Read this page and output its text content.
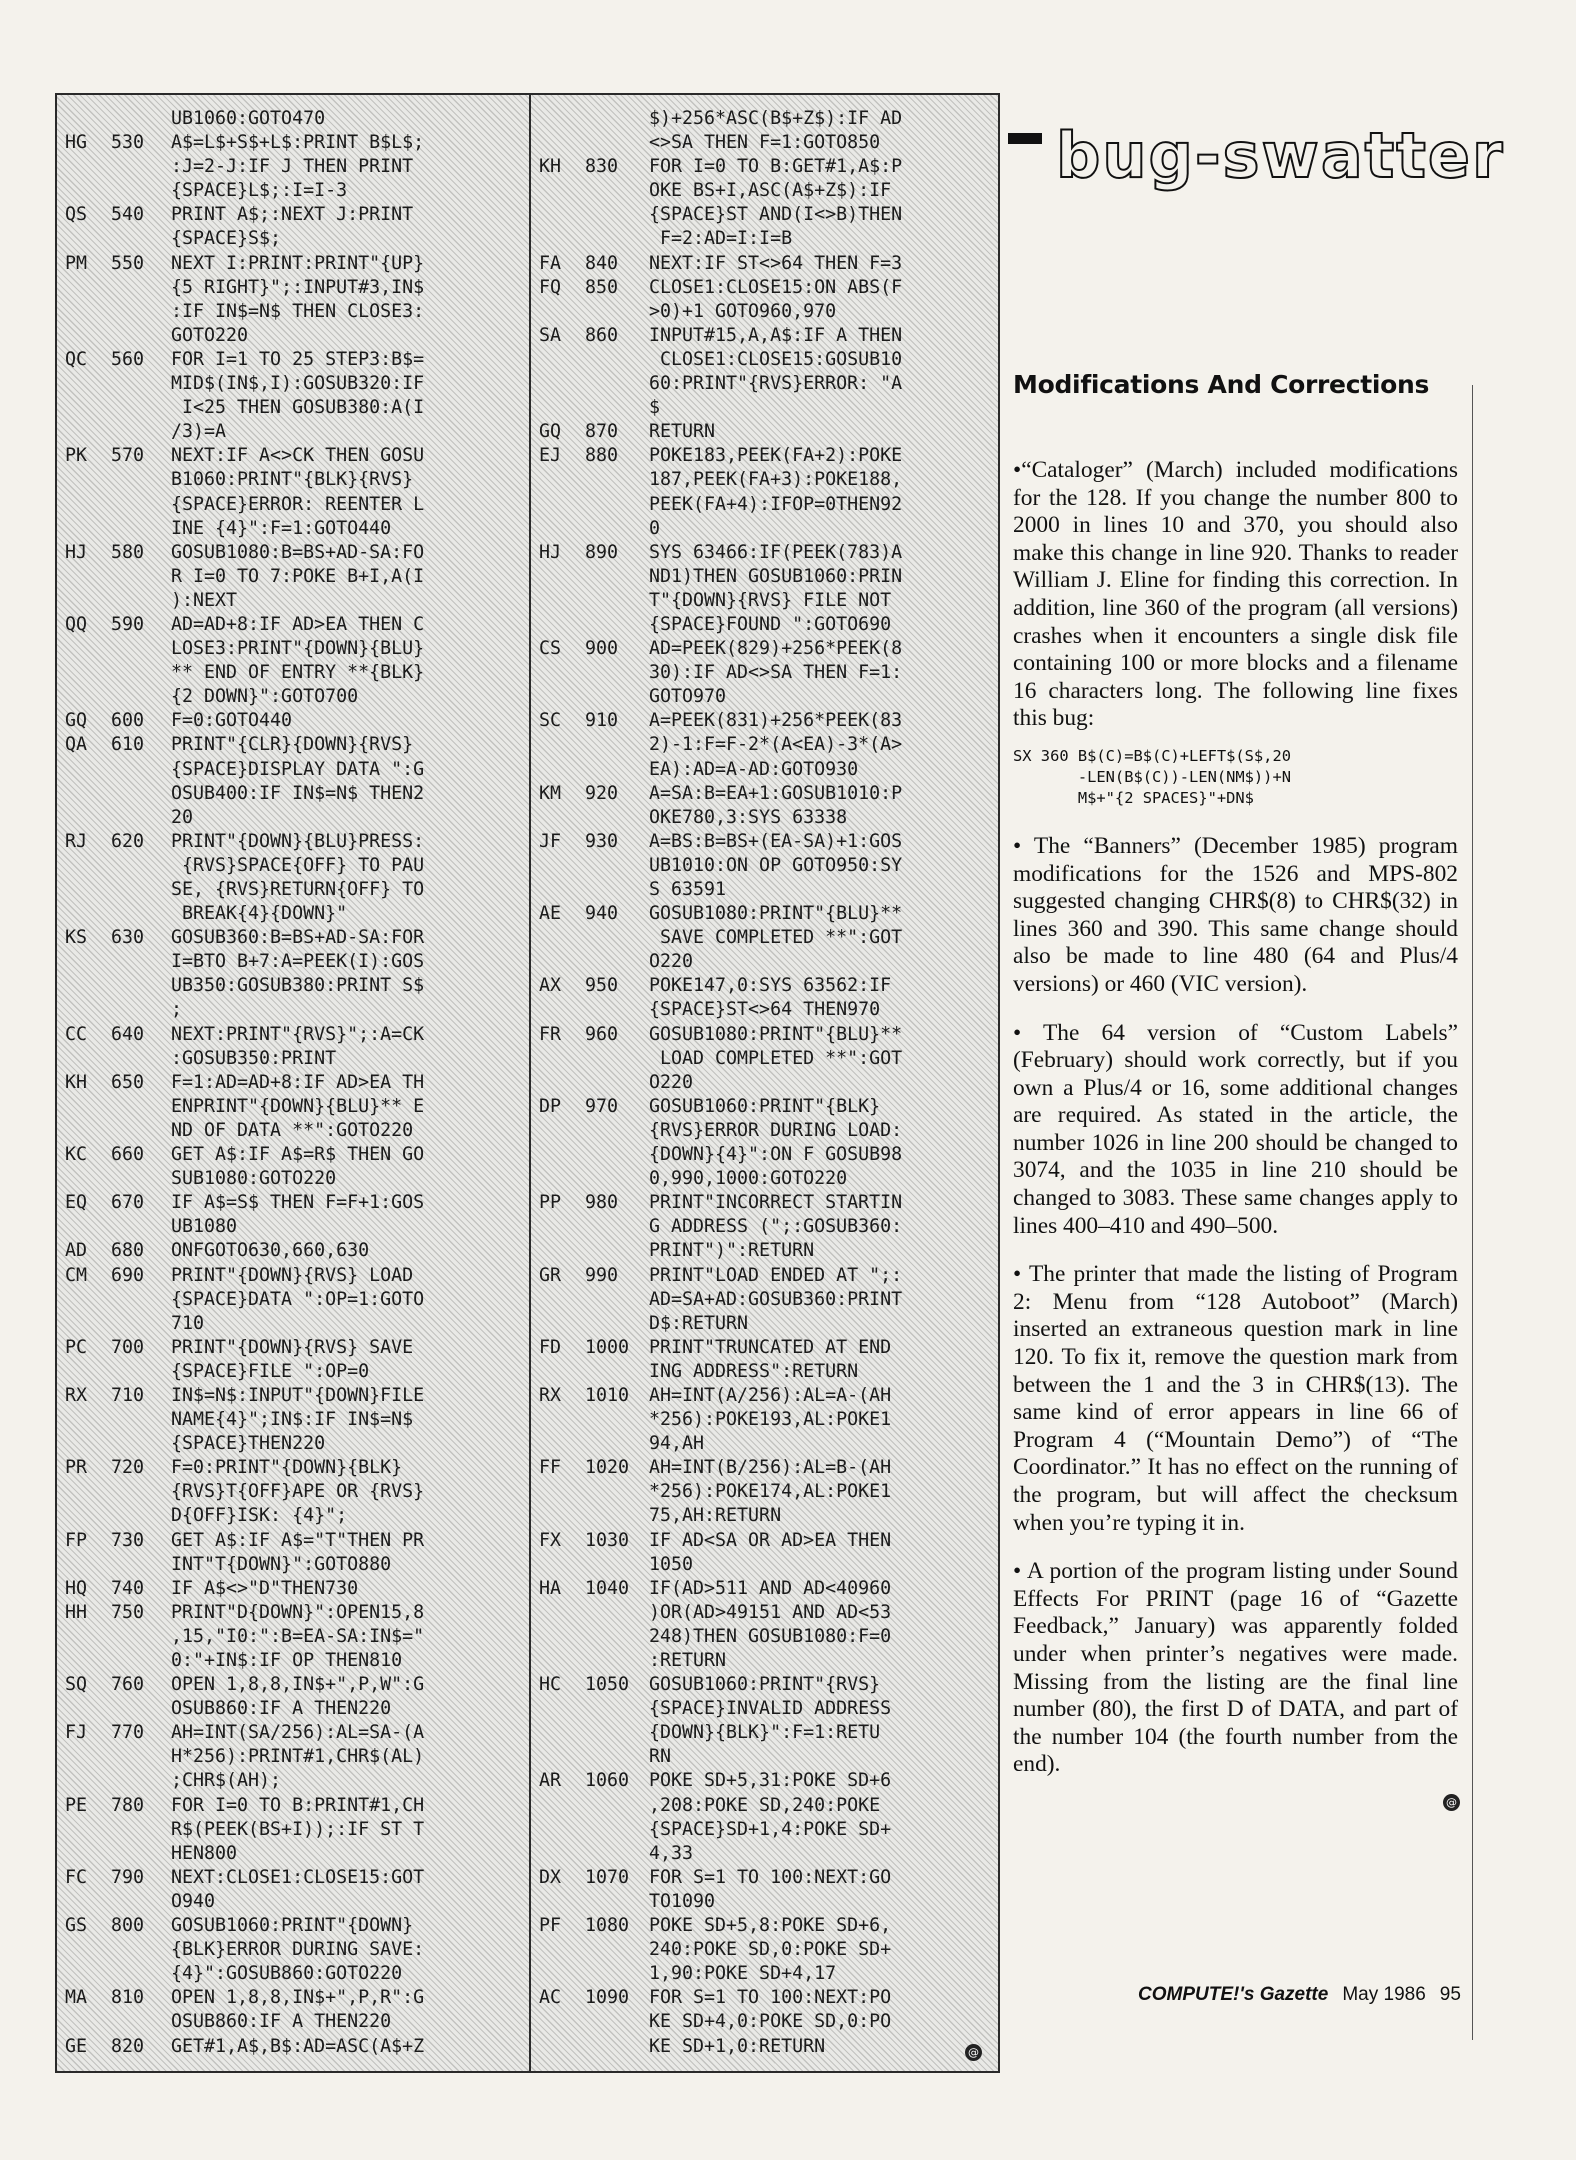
UB1060:GOTO470
HG	530	A$=L$+S$+L$:PRINT B$L$;
:J=2-J:IF J THEN PRINT
{SPACE}L$;:I=I-3
QS	540	PRINT A$;:NEXT J:PRINT
{SPACE}S$;
PM	550	NEXT I:PRINT:PRINT"{UP}
{5 RIGHT}";:INPUT#3,IN$
:IF IN$=N$ THEN CLOSE3:
GOTO220
QC	560	FOR I=1 TO 25 STEP3:B$=
MID$(IN$,I):GOSUB320:IF
I<25 THEN GOSUB380:A(I
/3)=A
PK	570	NEXT:IF A<>CK THEN GOSU
B1060:PRINT"{BLK}{RVS}
{SPACE}ERROR: REENTER L
INE {4}":F=1:GOTO440
HJ	580	GOSUB1080:B=BS+AD-SA:FO
R I=0 TO 7:POKE B+I,A(I
):NEXT
QQ	590	AD=AD+8:IF AD>EA THEN C
LOSE3:PRINT"{DOWN}{BLU}
** END OF ENTRY **{BLK}
{2 DOWN}":GOTO700
GQ	600	F=0:GOTO440
QA	610	PRINT"{CLR}{DOWN}{RVS}
{SPACE}DISPLAY DATA ":G
OSUB400:IF IN$=N$ THEN2
20
RJ	620	PRINT"{DOWN}{BLU}PRESS:
{RVS}SPACE{OFF} TO PAU
SE, {RVS}RETURN{OFF} TO
BREAK{4}{DOWN}"
KS	630	GOSUB360:B=BS+AD-SA:FOR
I=BTO B+7:A=PEEK(I):GOS
UB350:GOSUB380:PRINT S$
;
CC	640	NEXT:PRINT"{RVS}";:A=CK
:GOSUB350:PRINT
KH	650	F=1:AD=AD+8:IF AD>EA TH
ENPRINT"{DOWN}{BLU}** E
ND OF DATA **":GOTO220
KC	660	GET A$:IF A$=R$ THEN GO
SUB1080:GOTO220
EQ	670	IF A$=S$ THEN F=F+1:GOS
UB1080
AD	680	ONFGOTO630,660,630
CM	690	PRINT"{DOWN}{RVS} LOAD
{SPACE}DATA ":OP=1:GOTO
710
PC	700	PRINT"{DOWN}{RVS} SAVE
{SPACE}FILE ":OP=0
RX	710	IN$=N$:INPUT"{DOWN}FILE
NAME{4}";IN$:IF IN$=N$
{SPACE}THEN220
PR	720	F=0:PRINT"{DOWN}{BLK}
{RVS}T{OFF}APE OR {RVS}
D{OFF}ISK: {4}";
FP	730	GET A$:IF A$="T"THEN PR
INT"T{DOWN}":GOTO880
HQ	740	IF A$<>"D"THEN730
HH	750	PRINT"D{DOWN}":OPEN15,8
,15,"I0:":B=EA-SA:IN$="
0:"+IN$:IF OP THEN810
SQ	760	OPEN 1,8,8,IN$+",P,W":G
OSUB860:IF A THEN220
FJ	770	AH=INT(SA/256):AL=SA-(A
H*256):PRINT#1,CHR$(AL)
;CHR$(AH);
PE	780	FOR I=0 TO B:PRINT#1,CH
R$(PEEK(BS+I));:IF ST T
HEN800
FC	790	NEXT:CLOSE1:CLOSE15:GOT
O940
GS	800	GOSUB1060:PRINT"{DOWN}
{BLK}ERROR DURING SAVE:
{4}":GOSUB860:GOTO220
MA	810	OPEN 1,8,8,IN$+",P,R":G
OSUB860:IF A THEN220
GE	820	GET#1,A$,B$:AD=ASC(A$+Z
$)+256*ASC(B$+Z$):IF AD
<>SA THEN F=1:GOTO850
KH	830	FOR I=0 TO B:GET#1,A$:P
OKE BS+I,ASC(A$+Z$):IF
{SPACE}ST AND(I<>B)THEN
F=2:AD=I:I=B
FA	840	NEXT:IF ST<>64 THEN F=3
FQ	850	CLOSE1:CLOSE15:ON ABS(F
>0)+1 GOTO960,970
SA	860	INPUT#15,A,A$:IF A THEN
CLOSE1:CLOSE15:GOSUB10
60:PRINT"{RVS}ERROR: "A
$
GQ	870	RETURN
EJ	880	POKE183,PEEK(FA+2):POKE
187,PEEK(FA+3):POKE188,
PEEK(FA+4):IFOP=0THEN92
0
HJ	890	SYS 63466:IF(PEEK(783)A
ND1)THEN GOSUB1060:PRIN
T"{DOWN}{RVS} FILE NOT
{SPACE}FOUND ":GOTO690
CS	900	AD=PEEK(829)+256*PEEK(8
30):IF AD<>SA THEN F=1:
GOTO970
SC	910	A=PEEK(831)+256*PEEK(83
2)-1:F=F-2*(A<EA)-3*(A>
EA):AD=A-AD:GOTO930
KM	920	A=SA:B=EA+1:GOSUB1010:P
OKE780,3:SYS 63338
JF	930	A=BS:B=BS+(EA-SA)+1:GOS
UB1010:ON OP GOTO950:SY
S 63591
AE	940	GOSUB1080:PRINT"{BLU}**
SAVE COMPLETED **":GOT
O220
AX	950	POKE147,0:SYS 63562:IF
{SPACE}ST<>64 THEN970
FR	960	GOSUB1080:PRINT"{BLU}**
LOAD COMPLETED **":GOT
O220
DP	970	GOSUB1060:PRINT"{BLK}
{RVS}ERROR DURING LOAD:
{DOWN}{4}":ON F GOSUB98
0,990,1000:GOTO220
PP	980	PRINT"INCORRECT STARTIN
G ADDRESS (";:GOSUB360:
PRINT")":RETURN
GR	990	PRINT"LOAD ENDED AT ";:
AD=SA+AD:GOSUB360:PRINT
D$:RETURN
FD	1000	PRINT"TRUNCATED AT END
ING ADDRESS":RETURN
RX	1010	AH=INT(A/256):AL=A-(AH
*256):POKE193,AL:POKE1
94,AH
FF	1020	AH=INT(B/256):AL=B-(AH
*256):POKE174,AL:POKE1
75,AH:RETURN
FX	1030	IF AD<SA OR AD>EA THEN
1050
HA	1040	IF(AD>511 AND AD<40960
)OR(AD>49151 AND AD<53
248)THEN GOSUB1080:F=0
:RETURN
HC	1050	GOSUB1060:PRINT"{RVS}
{SPACE}INVALID ADDRESS
{DOWN}{BLK}":F=1:RETU
RN
AR	1060	POKE SD+5,31:POKE SD+6
,208:POKE SD,240:POKE
{SPACE}SD+1,4:POKE SD+
4,33
DX	1070	FOR S=1 TO 100:NEXT:GO
TO1090
PF	1080	POKE SD+5,8:POKE SD+6,
240:POKE SD,0:POKE SD+
1,90:POKE SD+4,17
AC	1090	FOR S=1 TO 100:NEXT:PO
KE SD+4,0:POKE SD,0:PO
KE SD+1,0:RETURN	@
bug-swatter
Modifications And Corrections

•“Cataloger” (March) included modifications for the 128. If you change the number 800 to 2000 in lines 10 and 370, you should also make this change in line 920. Thanks to reader William J. Eline for finding this correction. In addition, line 360 of the program (all versions) crashes when it encounters a single disk file containing 100 or more blocks and a filename 16 characters long. The following line fixes this bug:

SX 360 B$(C)=B$(C)+LEFT$(S$,20
-LEN(B$(C))-LEN(NM$))+N
M$+"{2 SPACES}"+DN$

• The “Banners” (December 1985) program modifications for the 1526 and MPS-802 suggested changing CHR$(8) to CHR$(32) in lines 360 and 390. This same change should also be made to line 480 (64 and Plus/4 versions) or 460 (VIC version).

• The 64 version of “Custom Labels” (February) should work correctly, but if you own a Plus/4 or 16, some additional changes are required. As stated in the article, the number 1026 in line 200 should be changed to 3074, and the 1035 in line 210 should be changed to 3083. These same changes apply to lines 400–410 and 490–500.

• The printer that made the listing of Program 2: Menu from “128 Autoboot” (March) inserted an extraneous question mark in line 120. To fix it, remove the question mark from between the 1 and the 3 in CHR$(13). The same kind of error appears in line 66 of Program 4 (“Mountain Demo”) of “The Coordinator.” It has no effect on the running of the program, but will affect the checksum when you’re typing it in.

• A portion of the program listing under Sound Effects For PRINT (page 16 of “Gazette Feedback,” January) was apparently folded under when printer’s negatives were made. Missing from the listing are the final line number (80), the first D of DATA, and part of the number 104 (the fourth number from the end).

@
COMPUTE!'s Gazette May 1986 95
